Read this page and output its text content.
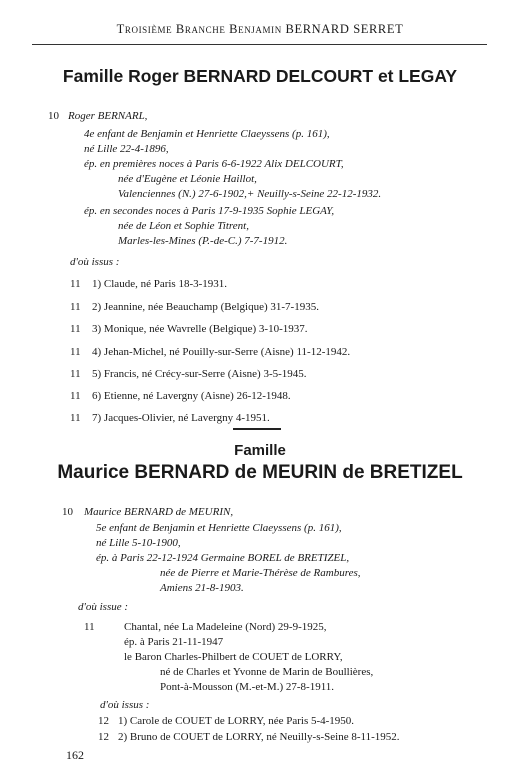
Troisième Branche Benjamin BERNARD SERRET
Famille Roger BERNARD DELCOURT et LEGAY
10 Roger BERNARL,
4e enfant de Benjamin et Henriette Claeyssens (p. 161),
né Lille 22-4-1896,
ép. en premières noces à Paris 6-6-1922 Alix DELCOURT,
née d'Eugène et Léonie Haillot,
Valenciennes (N.) 27-6-1902,+ Neuilly-s-Seine 22-12-1932.
ép. en secondes noces à Paris 17-9-1935 Sophie LEGAY,
née de Léon et Sophie Titrent,
Marles-les-Mines (P.-de-C.) 7-7-1912.
d'où issus :
11 1) Claude, né Paris 18-3-1931.
11 2) Jeannine, née Beauchamp (Belgique) 31-7-1935.
11 3) Monique, née Wavrelle (Belgique) 3-10-1937.
11 4) Jehan-Michel, né Pouilly-sur-Serre (Aisne) 11-12-1942.
11 5) Francis, né Crécy-sur-Serre (Aisne) 3-5-1945.
11 6) Etienne, né Lavergny (Aisne) 26-12-1948.
11 7) Jacques-Olivier, né Lavergny 4-1951.
Famille
Maurice BERNARD de MEURIN de BRETIZEL
10 Maurice BERNARD de MEURIN,
5e enfant de Benjamin et Henriette Claeyssens (p. 161),
né Lille 5-10-1900,
ép. à Paris 22-12-1924 Germaine BOREL de BRETIZEL,
née de Pierre et Marie-Thérèse de Rambures,
Amiens 21-8-1903.
d'où issue :
11	Chantal, née La Madeleine (Nord) 29-9-1925,
ép. à Paris 21-11-1947
le Baron Charles-Philbert de COUET de LORRY,
né de Charles et Yvonne de Marin de Boullières,
Pont-à-Mousson (M.-et-M.) 27-8-1911.
d'où issus :
12 1) Carole de COUET de LORRY, née Paris 5-4-1950.
12 2) Bruno de COUET de LORRY, né Neuilly-s-Seine 8-11-1952.
162
